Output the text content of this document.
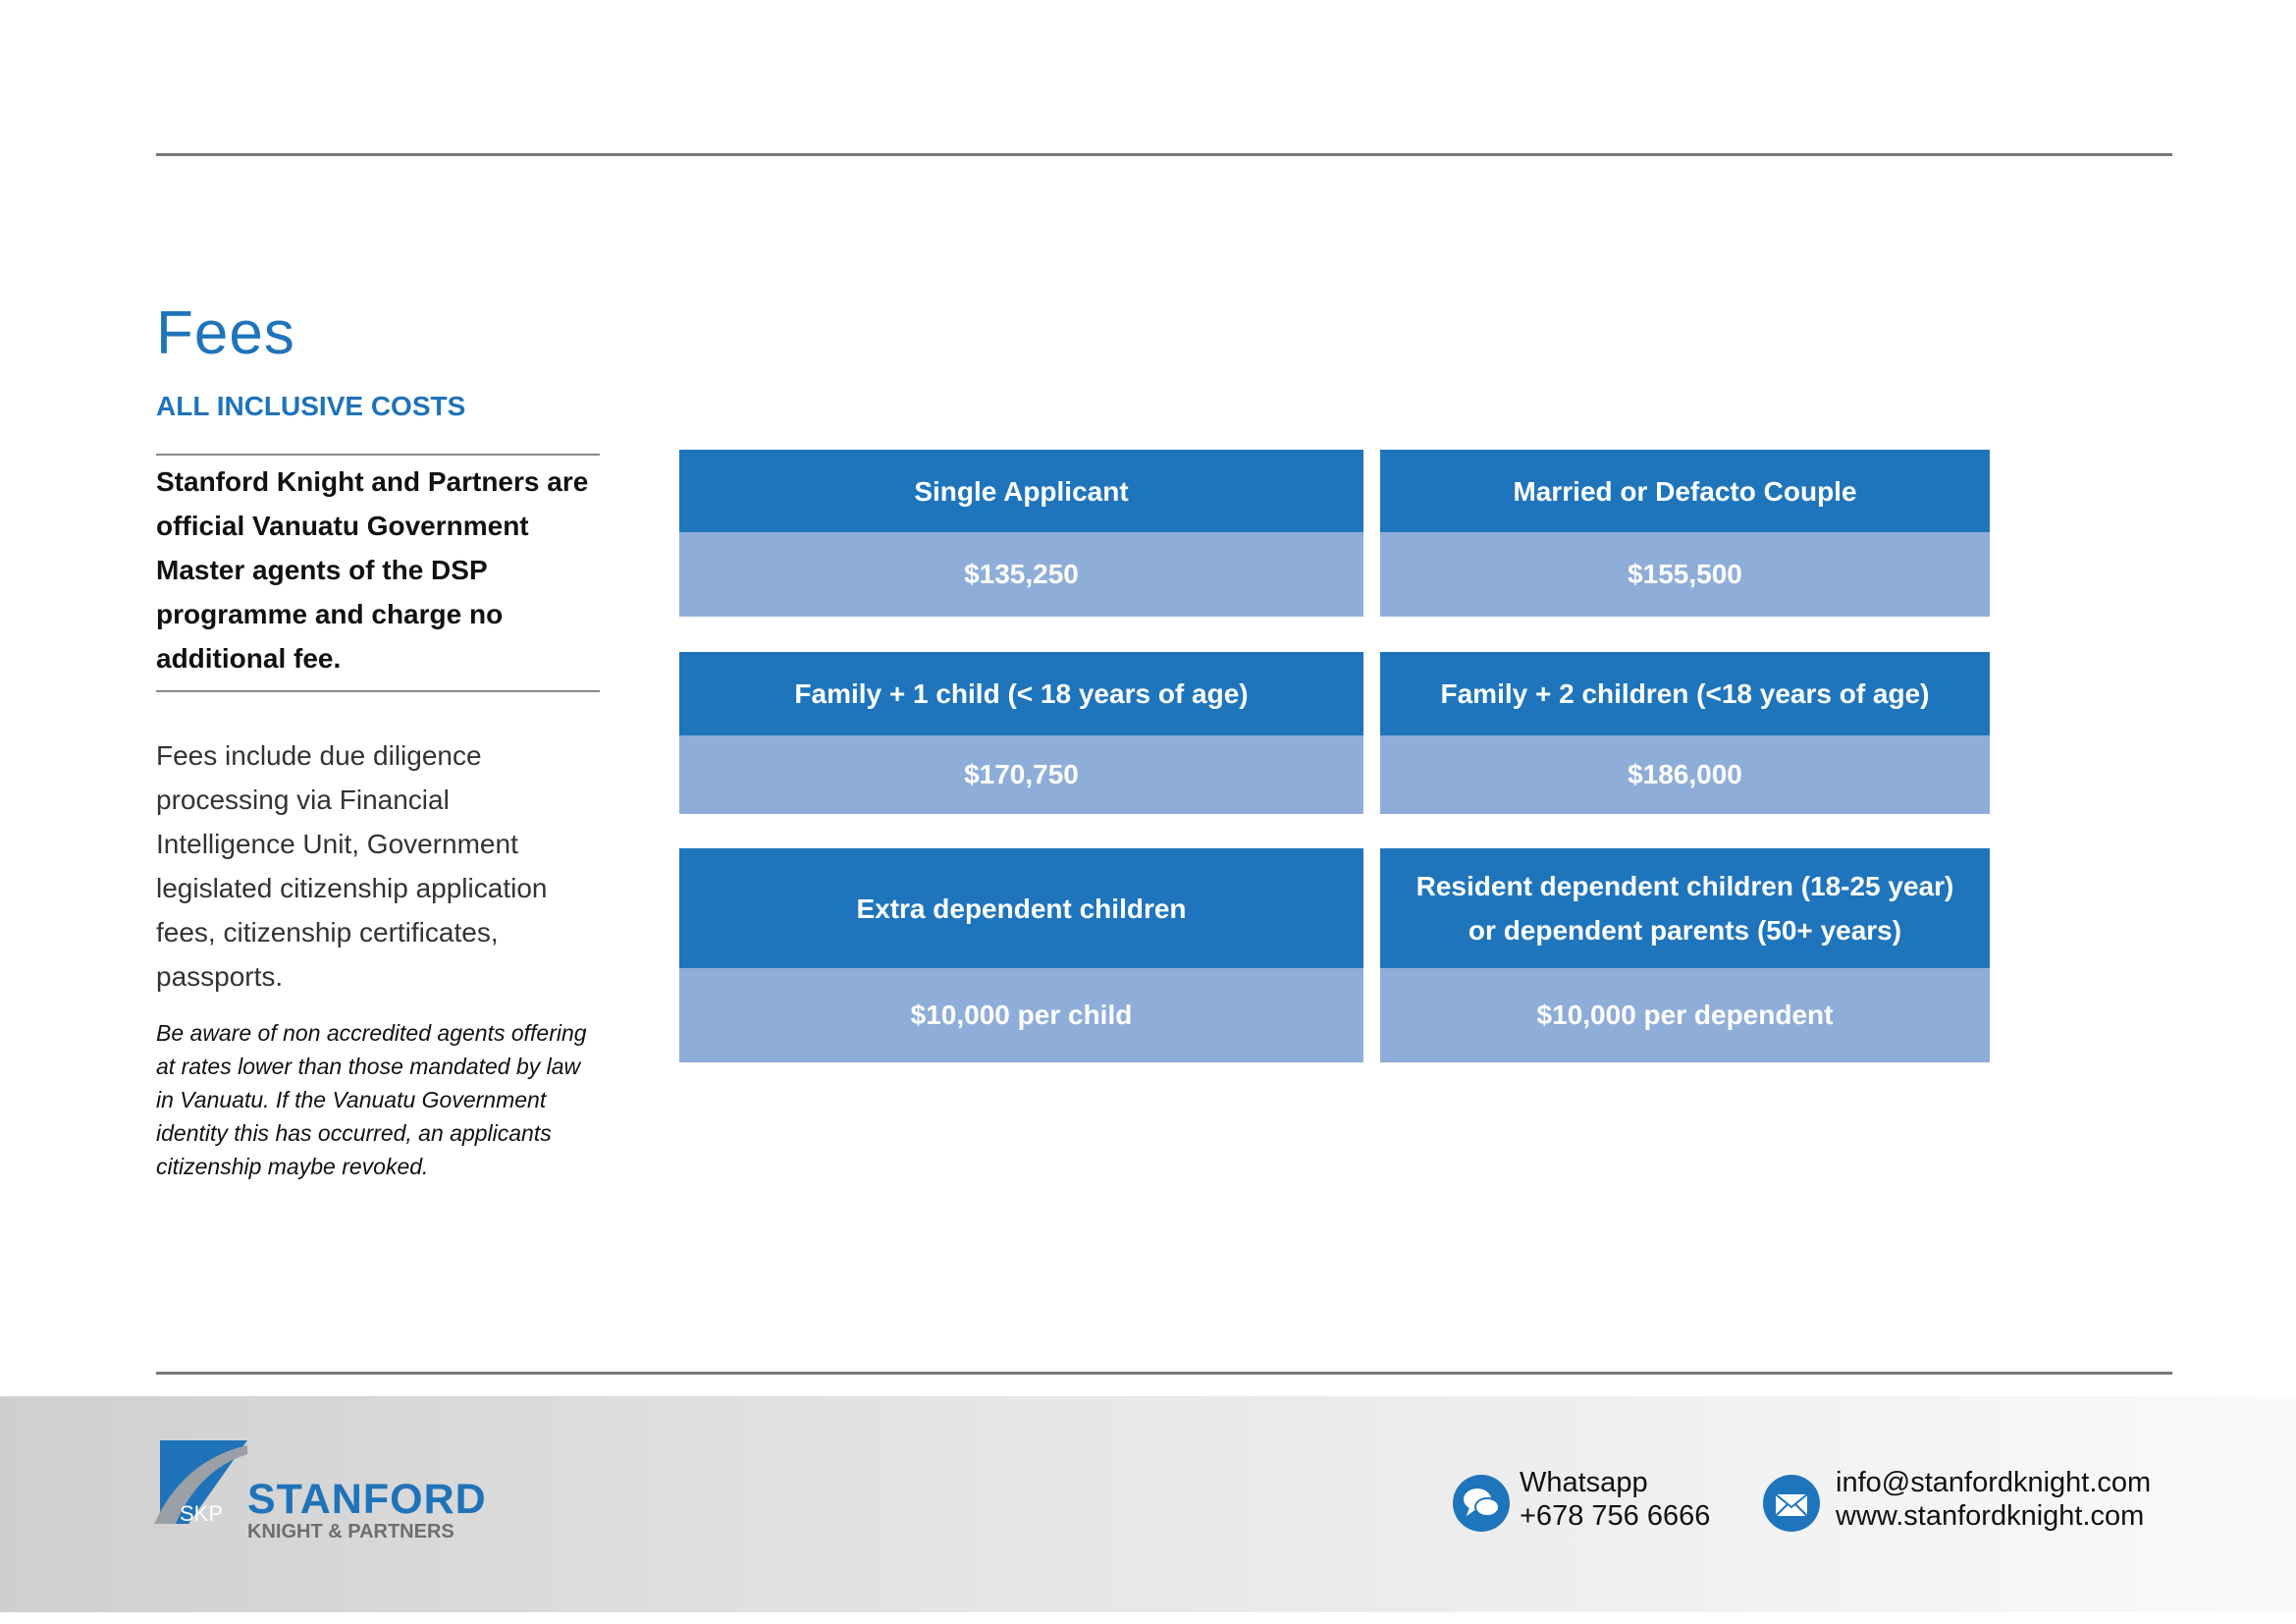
Fees
ALL INCLUSIVE COSTS
Stanford Knight and Partners are official Vanuatu Government Master agents of the DSP programme and charge no additional fee.
Fees include due diligence processing via Financial Intelligence Unit, Government legislated citizenship application fees, citizenship certificates, passports.
Be aware of non accredited agents offering at rates lower than those mandated by law in Vanuatu. If the Vanuatu Government identity this has occurred, an applicants citizenship maybe revoked.
Single Applicant
$135,250
Married or Defacto Couple
$155,500
Family + 1 child (< 18 years of age)
$170,750
Family + 2 children (<18 years of age)
$186,000
Extra dependent children
$10,000 per child
Resident dependent children (18-25 year) or dependent parents (50+ years)
$10,000 per dependent
SKP STANFORD
KNIGHT & PARTNERS
Whatsapp
+678 756 6666
info@stanfordknight.com
www.stanfordknight.com
